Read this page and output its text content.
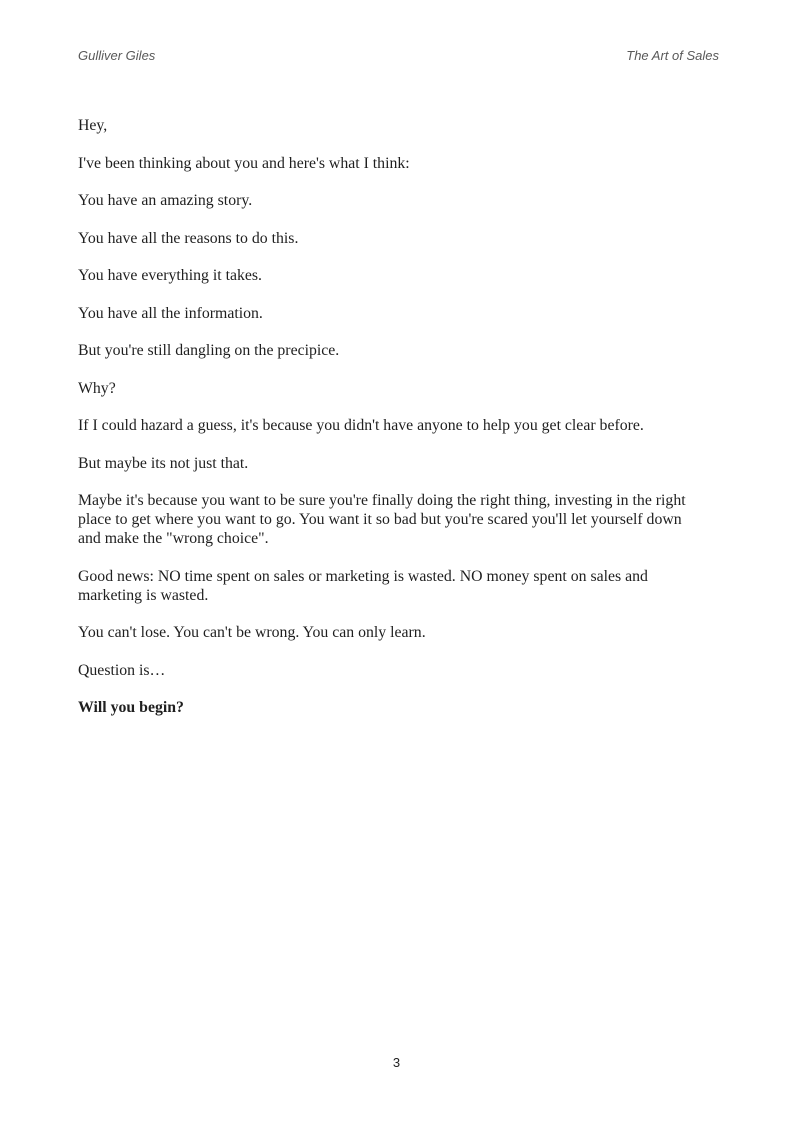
Gulliver Giles	The Art of Sales

Hey,

I've been thinking about you and here's what I think:

You have an amazing story.

You have all the reasons to do this.

You have everything it takes.

You have all the information.

But you're still dangling on the precipice.

Why?

If I could hazard a guess, it's because you didn't have anyone to help you get clear before.

But maybe its not just that.

Maybe it's because you want to be sure you're finally doing the right thing, investing in the right place to get where you want to go. You want it so bad but you're scared you'll let yourself down and make the "wrong choice".

Good news: NO time spent on sales or marketing is wasted. NO money spent on sales and marketing is wasted.

You can't lose. You can't be wrong. You can only learn.

Question is…

Will you begin?

3
